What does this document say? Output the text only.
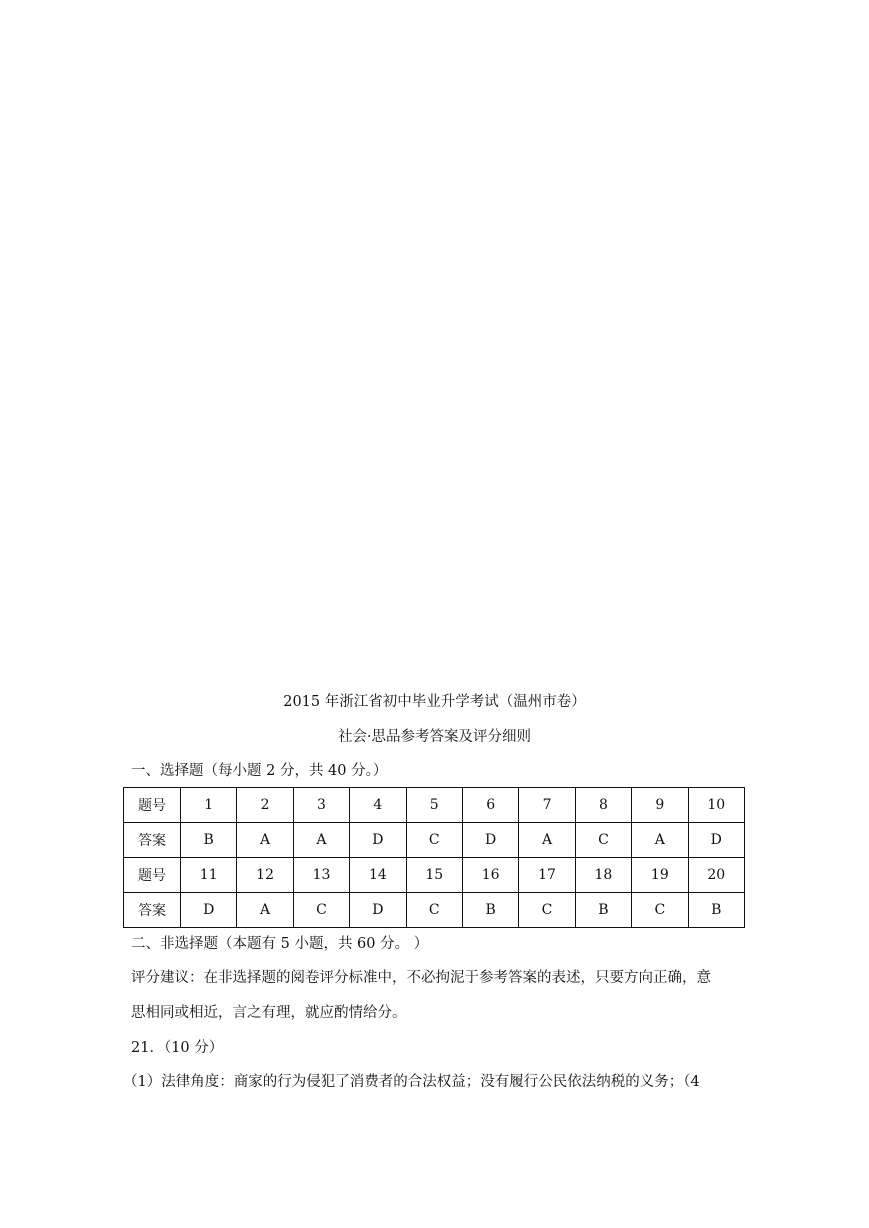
2015 年浙江省初中毕业升学考试（温州市卷）
社会·思品参考答案及评分细则
一、选择题（每小题 2 分，共 40 分。）
题号	1	2	3	4	5	6	7	8	9	10
答案	B	A	A	D	C	D	A	C	A	D
题号	11	12	13	14	15	16	17	18	19	20
答案	D	A	C	D	C	B	C	B	C	B
二、非选择题（本题有 5 小题，共 60 分。 ）
评分建议：在非选择题的阅卷评分标准中，不必拘泥于参考答案的表述，只要方向正确，意
思相同或相近，言之有理，就应酌情给分。
21．（10 分）
（1）法律角度：商家的行为侵犯了消费者的合法权益；没有履行公民依法纳税的义务；（4
